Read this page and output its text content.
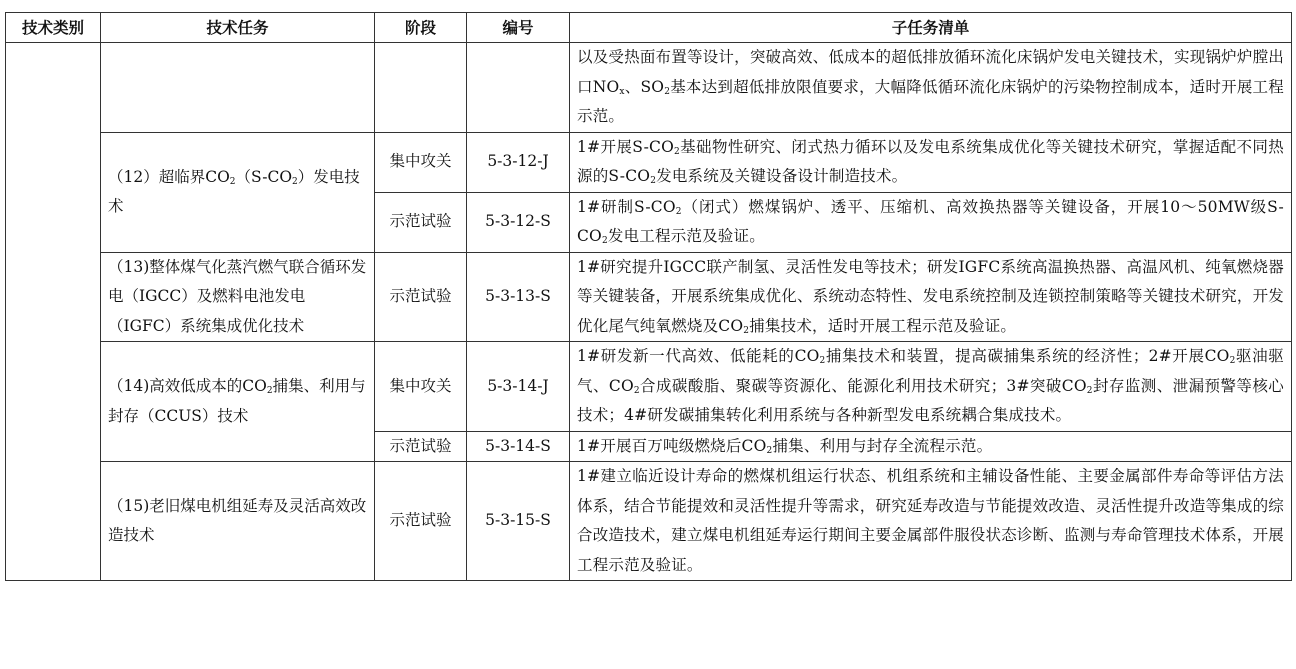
技术类别	技术任务	阶段	编号	子任务清单
				以及受热面布置等设计，突破高效、低成本的超低排放循环流化床锅炉发电关键技术，实现锅炉炉膛出口$NO_x$、$SO_2$基本达到超低排放限值要求，大幅降低循环流化床锅炉的污染物控制成本，适时开展工程示范。
	（12）超临界$CO_2(S-CO_2)$发电技术	集中攻关	5-3-12-J	1#开展$S-CO_2$基础物性研究、闭式热力循环以及发电系统集成优化等关键技术研究，掌握适配不同热源的$S-CO_2$发电系统及关键设备设计制造技术。
		示范试验	5-3-12-S	1#研制$S-CO_2$（闭式）燃煤锅炉、透平、压缩机、高效换热器等关键设备，开展10～50MW级$S-CO_2$发电工程示范及验证。
	（13)整体煤气化蒸汽燃气联合循环发电（IGCC）及燃料电池发电（IGFC）系统集成优化技术	示范试验	5-3-13-S	1#研究提升IGCC联产制氢、灵活性发电等技术；研发IGFC系统高温换热器、高温风机、纯氧燃烧器等关键装备，开展系统集成优化、系统动态特性、发电系统控制及连锁控制策略等关键技术研究，开发优化尾气纯氧燃烧及$CO_2$捕集技术，适时开展工程示范及验证。
	（14)高效低成本的$CO_2$捕集、利用与封存（CCUS）技术	集中攻关	5-3-14-J	1#研发新一代高效、低能耗的$CO_2$捕集技术和装置，提高碳捕集系统的经济性；2#开展$CO_2$驱油驱气、$CO_2$合成碳酸脂、聚碳等资源化、能源化利用技术研究；3#突破$CO_2$封存监测、泄漏预警等核心技术；4#研发碳捕集转化利用系统与各种新型发电系统耦合集成技术。
		示范试验	5-3-14-S	1#开展百万吨级燃烧后$CO_2$捕集、利用与封存全流程示范。
	（15)老旧煤电机组延寿及灵活高效改造技术	示范试验	5-3-15-S	1#建立临近设计寿命的燃煤机组运行状态、机组系统和主辅设备性能、主要金属部件寿命等评估方法体系，结合节能提效和灵活性提升等需求，研究延寿改造与节能提效改造、灵活性提升改造等集成的综合改造技术，建立煤电机组延寿运行期间主要金属部件服役状态诊断、监测与寿命管理技术体系，开展工程示范及验证。
